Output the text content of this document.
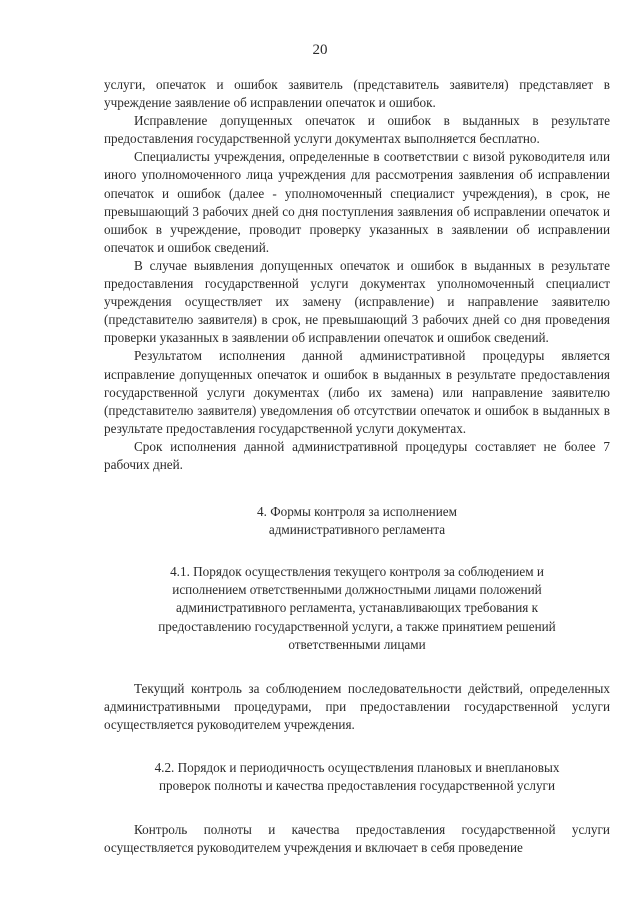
20

услуги, опечаток и ошибок заявитель (представитель заявителя) представляет в учреждение заявление об исправлении опечаток и ошибок.

Исправление допущенных опечаток и ошибок в выданных в результате предоставления государственной услуги документах выполняется бесплатно.

Специалисты учреждения, определенные в соответствии с визой руководителя или иного уполномоченного лица учреждения для рассмотрения заявления об исправлении опечаток и ошибок (далее - уполномоченный специалист учреждения), в срок, не превышающий 3 рабочих дней со дня поступления заявления об исправлении опечаток и ошибок в учреждение, проводит проверку указанных в заявлении об исправлении опечаток и ошибок сведений.

В случае выявления допущенных опечаток и ошибок в выданных в результате предоставления государственной услуги документах уполномоченный специалист учреждения осуществляет их замену (исправление) и направление заявителю (представителю заявителя) в срок, не превышающий 3 рабочих дней со дня проведения проверки указанных в заявлении об исправлении опечаток и ошибок сведений.

Результатом исполнения данной административной процедуры является исправление допущенных опечаток и ошибок в выданных в результате предоставления государственной услуги документах (либо их замена) или направление заявителю (представителю заявителя) уведомления об отсутствии опечаток и ошибок в выданных в результате предоставления государственной услуги документах.

Срок исполнения данной административной процедуры составляет не более 7 рабочих дней.

4. Формы контроля за исполнением

административного регламента

4.1. Порядок осуществления текущего контроля за соблюдением и

исполнением ответственными должностными лицами положений

административного регламента, устанавливающих требования к

предоставлению государственной услуги, а также принятием решений

ответственными лицами

Текущий контроль за соблюдением последовательности действий, определенных административными процедурами, при предоставлении государственной услуги осуществляется руководителем учреждения.

4.2. Порядок и периодичность осуществления плановых и внеплановых

проверок полноты и качества предоставления государственной услуги

Контроль полноты и качества предоставления государственной услуги осуществляется руководителем учреждения и включает в себя проведение
